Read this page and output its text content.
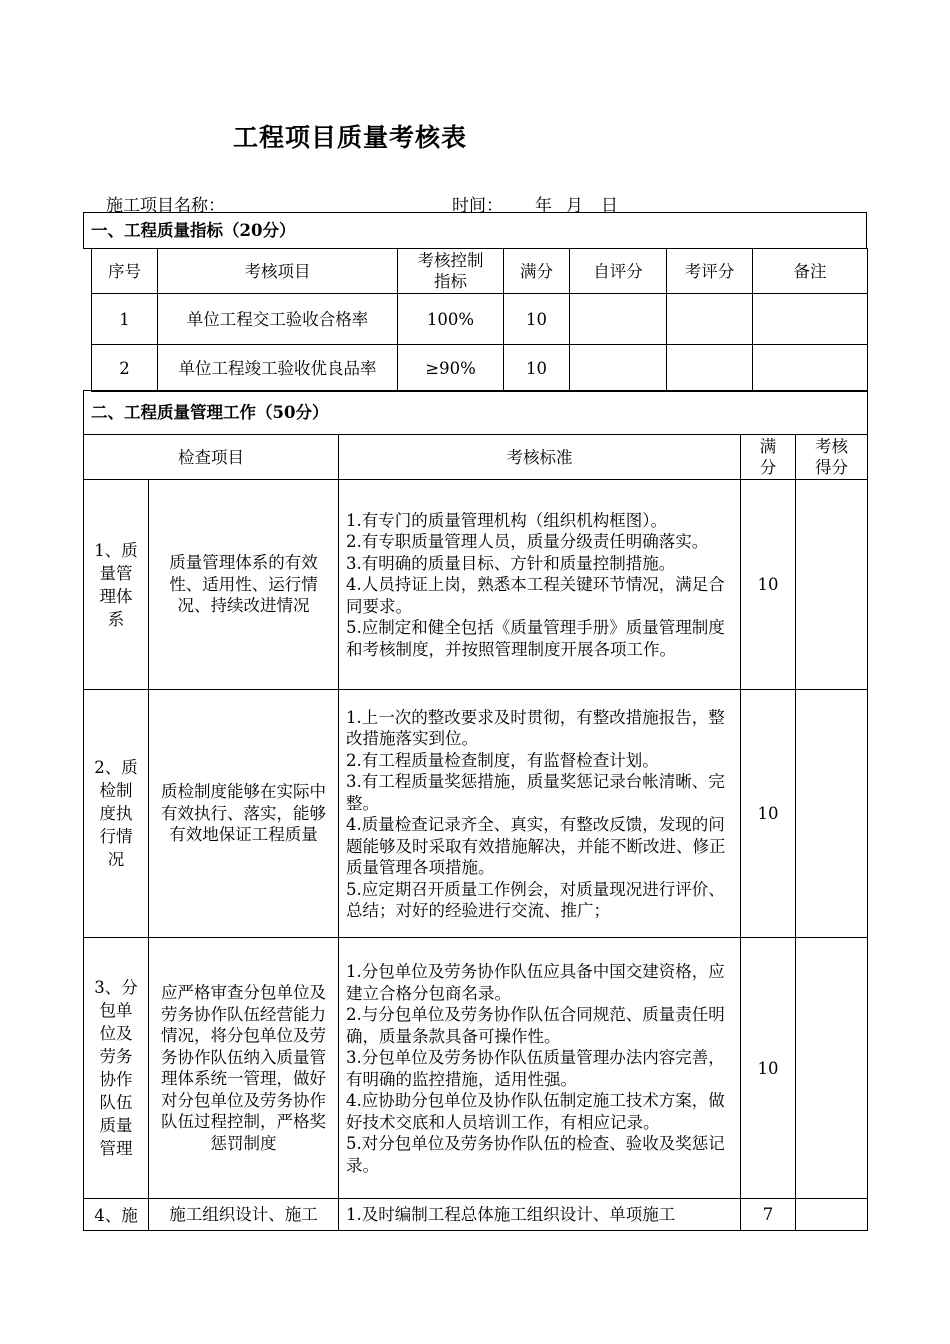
工程项目质量考核表
施工项目名称：	时间： 年 月 日
一、工程质量指标（20分）
序号	考核项目	考核控制指标	满分	自评分	考评分	备注
1	单位工程交工验收合格率	100%	10			
2	单位工程竣工验收优良品率	≥90%	10			
二、工程质量管理工作（50分）				
检查项目		考核标准	满分	考核得分
1、质量管理体系	质量管理体系的有效性、适用性、运行情况、持续改进情况	1.有专门的质量管理机构（组织机构框图）。
2.有专职质量管理人员，质量分级责任明确落实。
3.有明确的质量目标、方针和质量控制措施。
4.人员持证上岗，熟悉本工程关键环节情况，满足合同要求。
5.应制定和健全包括《质量管理手册》质量管理制度和考核制度，并按照管理制度开展各项工作。	10	
2、质检制度执行情况	质检制度能够在实际中有效执行、落实，能够有效地保证工程质量	1.上一次的整改要求及时贯彻，有整改措施报告，整改措施落实到位。
2.有工程质量检查制度，有监督检查计划。
3.有工程质量奖惩措施，质量奖惩记录台帐清晰、完整。
4.质量检查记录齐全、真实，有整改反馈，发现的问题能够及时采取有效措施解决，并能不断改进、修正质量管理各项措施。
5.应定期召开质量工作例会，对质量现况进行评价、总结；对好的经验进行交流、推广；	10	
3、分包单位及劳务协作队伍质量管理	应严格审查分包单位及劳务协作队伍经营能力情况，将分包单位及劳务协作队伍纳入质量管理体系统一管理，做好对分包单位及劳务协作队伍过程控制，严格奖惩罚制度	1.分包单位及劳务协作队伍应具备中国交建资格，应建立合格分包商名录。
2.与分包单位及劳务协作队伍合同规范、质量责任明确，质量条款具备可操作性。
3.分包单位及劳务协作队伍质量管理办法内容完善，有明确的监控措施，适用性强。
4.应协助分包单位及协作队伍制定施工技术方案，做好技术交底和人员培训工作，有相应记录。
5.对分包单位及劳务协作队伍的检查、验收及奖惩记录。	10	
4、施	施工组织设计、施工	1.及时编制工程总体施工组织设计、单项施工	7	
